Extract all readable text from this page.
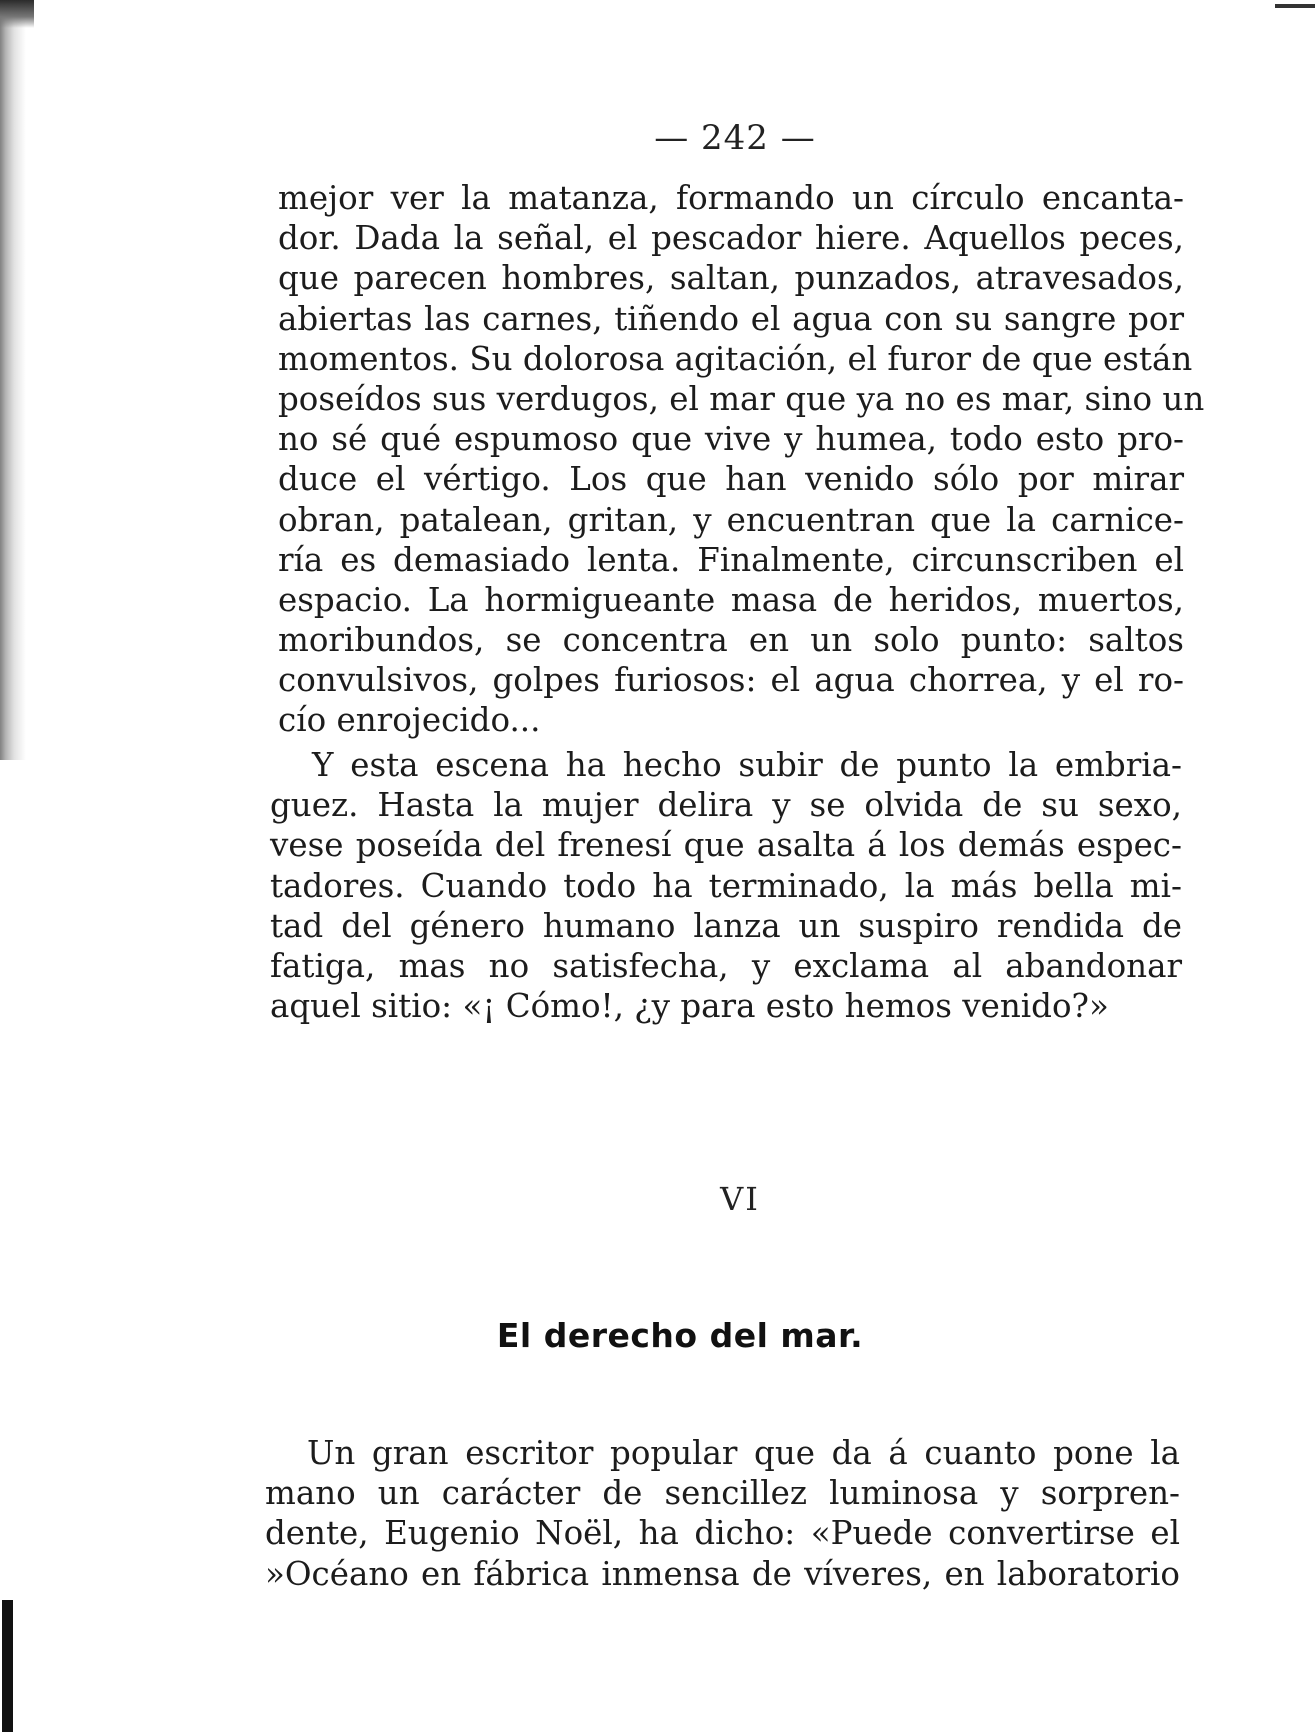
— 242 —
mejor ver la matanza, formando un círculo encanta-
dor. Dada la señal, el pescador hiere. Aquellos peces,
que parecen hombres, saltan, punzados, atravesados,
abiertas las carnes, tiñendo el agua con su sangre por
momentos. Su dolorosa agitación, el furor de que están
poseídos sus verdugos, el mar que ya no es mar, sino un
no sé qué espumoso que vive y humea, todo esto pro-
duce el vértigo. Los que han venido sólo por mirar
obran, patalean, gritan, y encuentran que la carnice-
ría es demasiado lenta. Finalmente, circunscriben el
espacio. La hormigueante masa de heridos, muertos,
moribundos, se concentra en un solo punto: saltos
convulsivos, golpes furiosos: el agua chorrea, y el ro-
cío enrojecido...
Y esta escena ha hecho subir de punto la embria-
guez. Hasta la mujer delira y se olvida de su sexo,
vese poseída del frenesí que asalta á los demás espec-
tadores. Cuando todo ha terminado, la más bella mi-
tad del género humano lanza un suspiro rendida de
fatiga, mas no satisfecha, y exclama al abandonar
aquel sitio: «¡ Cómo!, ¿y para esto hemos venido?»
VI
El derecho del mar.
Un gran escritor popular que da á cuanto pone la
mano un carácter de sencillez luminosa y sorpren-
dente, Eugenio Noël, ha dicho: «Puede convertirse el
»Océano en fábrica inmensa de víveres, en laboratorio
